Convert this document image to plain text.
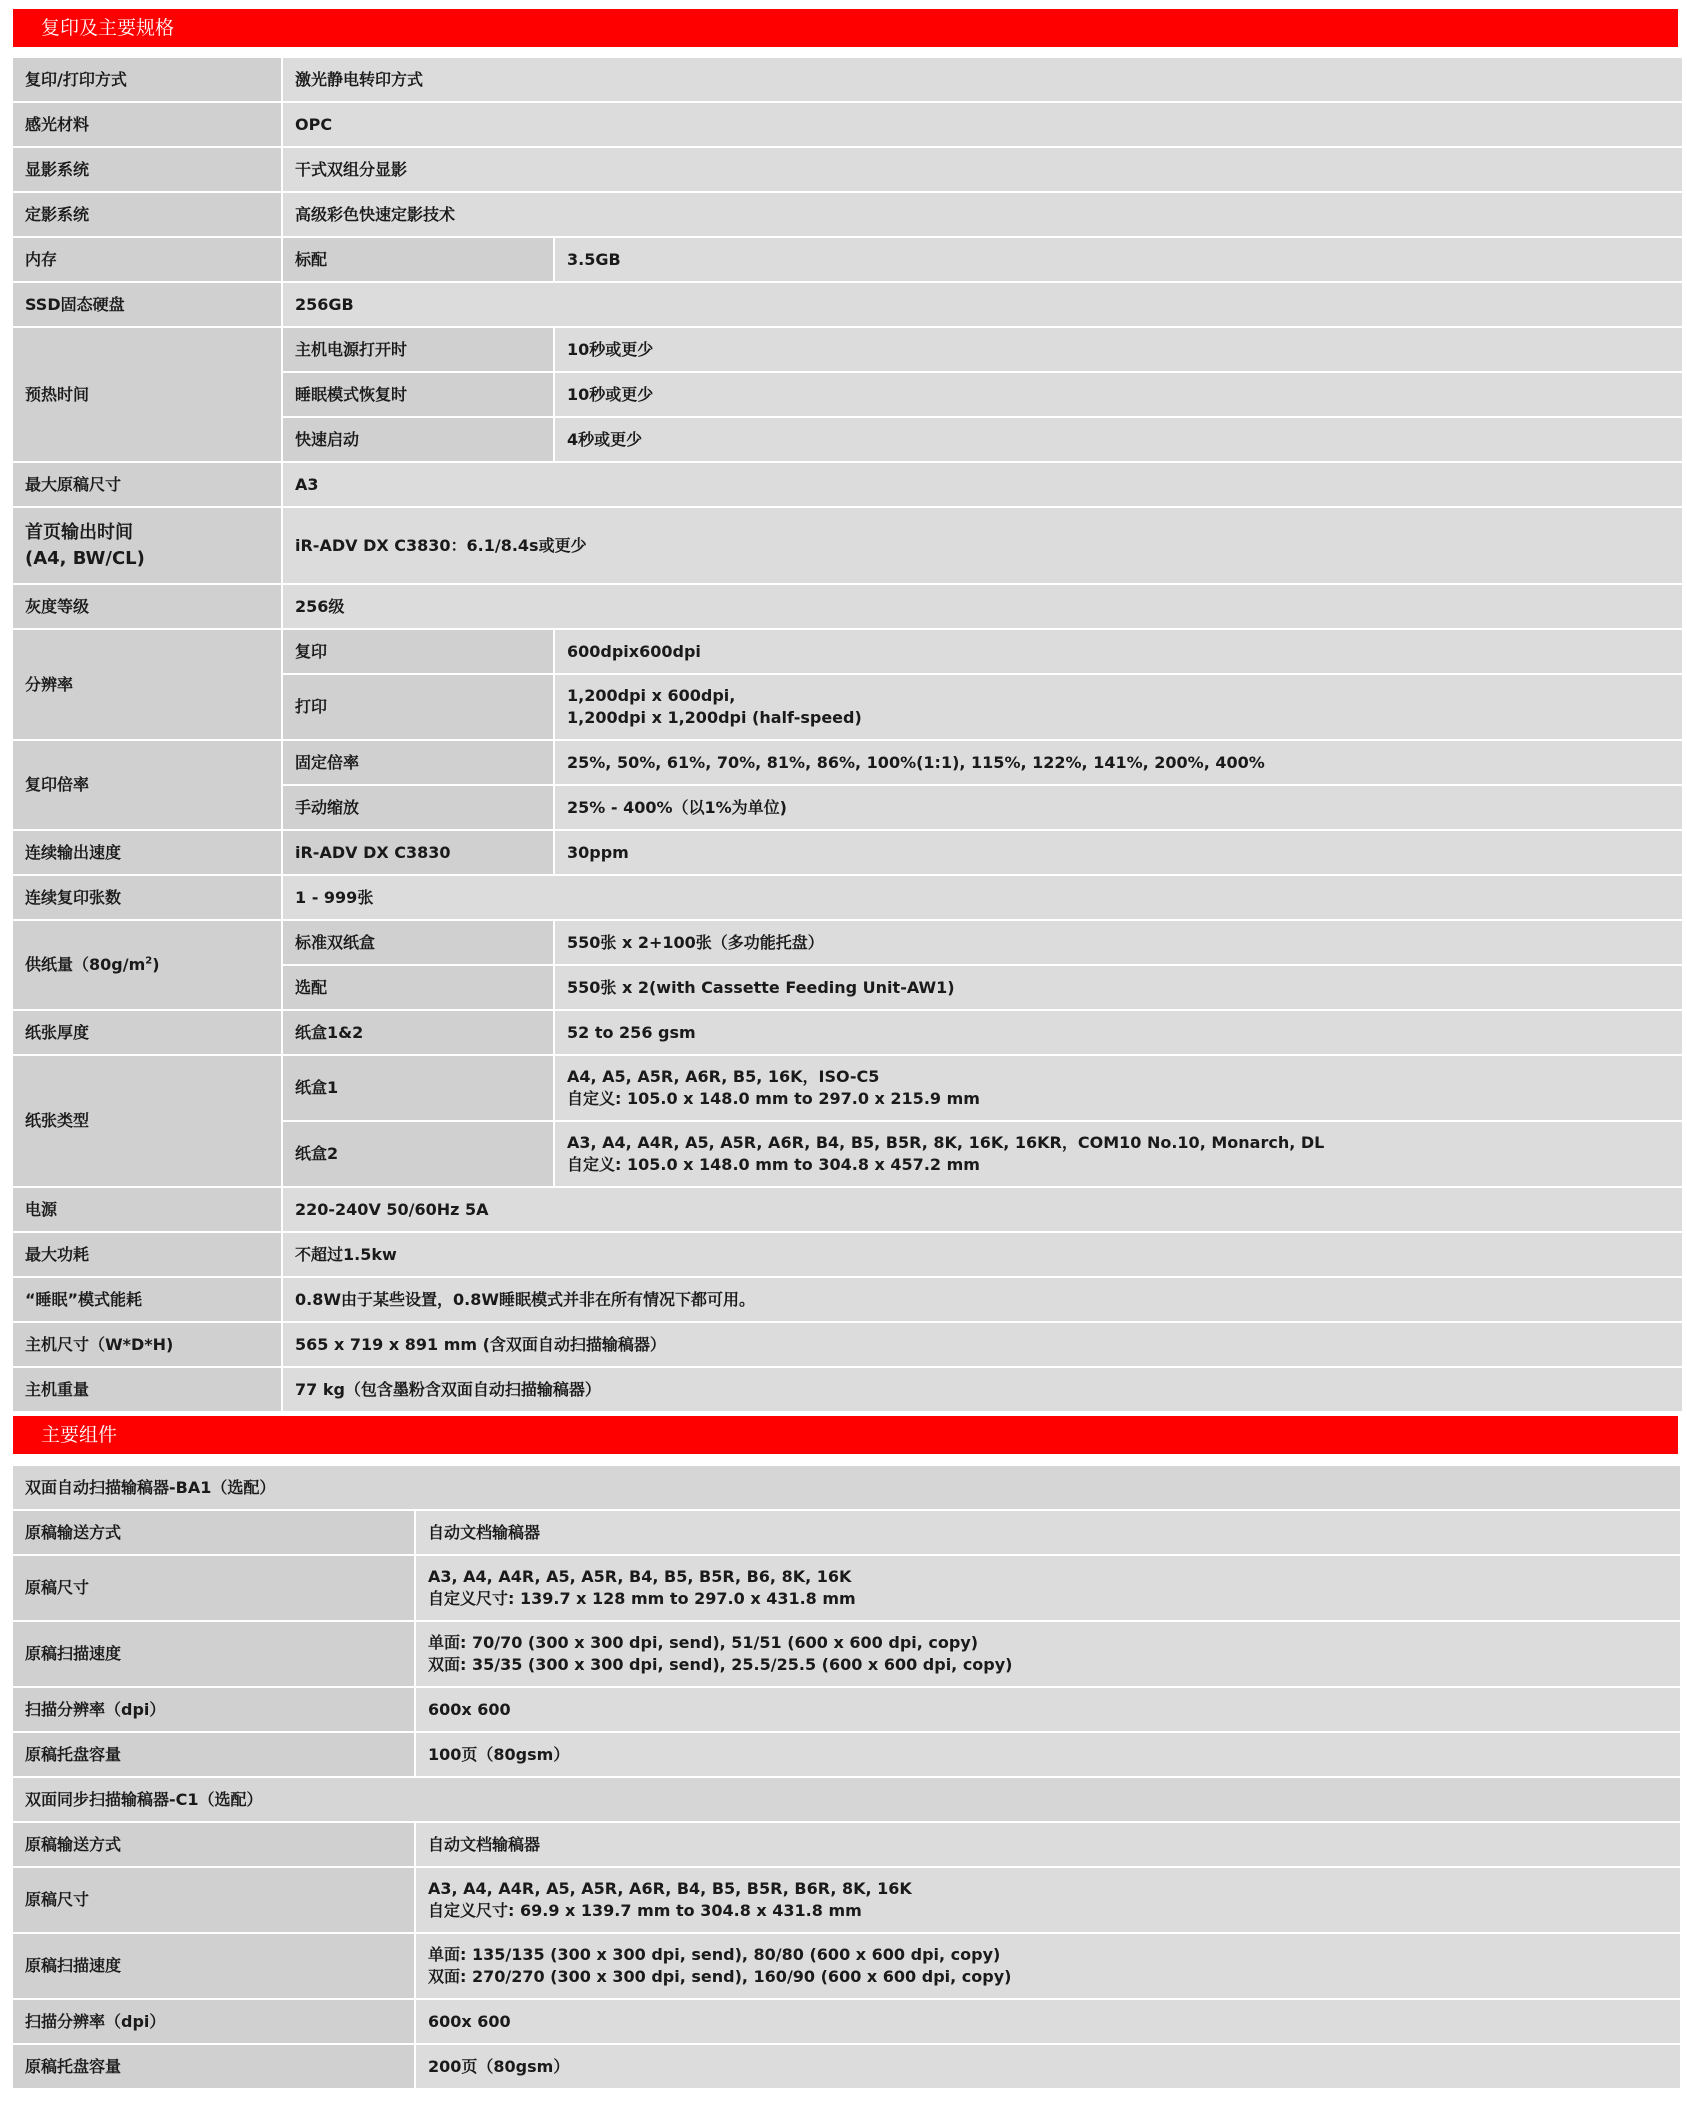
复印及主要规格
复印/打印方式	激光静电转印方式	
感光材料	OPC	
显影系统	干式双组分显影	
定影系统	高级彩色快速定影技术	
内存	标配	3.5GB
SSD固态硬盘	256GB	
预热时间	主机电源打开时	10秒或更少
	睡眠模式恢复时	10秒或更少
	快速启动	4秒或更少
最大原稿尺寸	A3	
首页输出时间
(A4, BW/CL)	iR-ADV DX C3830：6.1/8.4s或更少	
灰度等级	256级	
分辨率	复印	600dpix600dpi
	打印	1,200dpi x 600dpi,
1,200dpi x 1,200dpi (half-speed)
复印倍率	固定倍率	25%, 50%, 61%, 70%, 81%, 86%, 100%(1:1), 115%, 122%, 141%, 200%, 400%
	手动缩放	25% - 400%（以1%为单位)
连续输出速度	iR-ADV DX C3830	30ppm
连续复印张数	1 - 999张	
供纸量$(80g/m^2)$	标准双纸盒	550张 x 2+100张（多功能托盘）
	选配	550张 x 2(with Cassette Feeding Unit-AW1)
纸张厚度	纸盒1&2	52 to 256 gsm
纸张类型	纸盒1	A4, A5, A5R, A6R, B5, 16K，ISO-C5
自定义: 105.0 x 148.0 mm to 297.0 x 215.9 mm
	纸盒2	A3, A4, A4R, A5, A5R, A6R, B4, B5, B5R, 8K, 16K, 16KR，COM10 No.10, Monarch, DL
自定义: 105.0 x 148.0 mm to 304.8 x 457.2 mm
电源	220-240V 50/60Hz 5A	
最大功耗	不超过1.5kw	
“睡眠”模式能耗	0.8W由于某些设置，0.8W睡眠模式并非在所有情况下都可用。	
主机尺寸（W*D*H)	565 x 719 x 891 mm (含双面自动扫描输稿器）	
主机重量	77 kg（包含墨粉含双面自动扫描输稿器）	
主要组件
双面自动扫描输稿器-BA1（选配）	
原稿输送方式	自动文档输稿器
原稿尺寸	A3, A4, A4R, A5, A5R, B4, B5, B5R, B6, 8K, 16K
自定义尺寸: 139.7 x 128 mm to 297.0 x 431.8 mm
原稿扫描速度	单面: 70/70 (300 x 300 dpi, send), 51/51 (600 x 600 dpi, copy)
双面: 35/35 (300 x 300 dpi, send), 25.5/25.5 (600 x 600 dpi, copy)
扫描分辨率（dpi）	600x 600
原稿托盘容量	100页（80gsm）
双面同步扫描输稿器-C1（选配）	
原稿输送方式	自动文档输稿器
原稿尺寸	A3, A4, A4R, A5, A5R, A6R, B4, B5, B5R, B6R, 8K, 16K
自定义尺寸: 69.9 x 139.7 mm to 304.8 x 431.8 mm
原稿扫描速度	单面: 135/135 (300 x 300 dpi, send), 80/80 (600 x 600 dpi, copy)
双面: 270/270 (300 x 300 dpi, send), 160/90 (600 x 600 dpi, copy)
扫描分辨率（dpi）	600x 600
原稿托盘容量	200页（80gsm）
